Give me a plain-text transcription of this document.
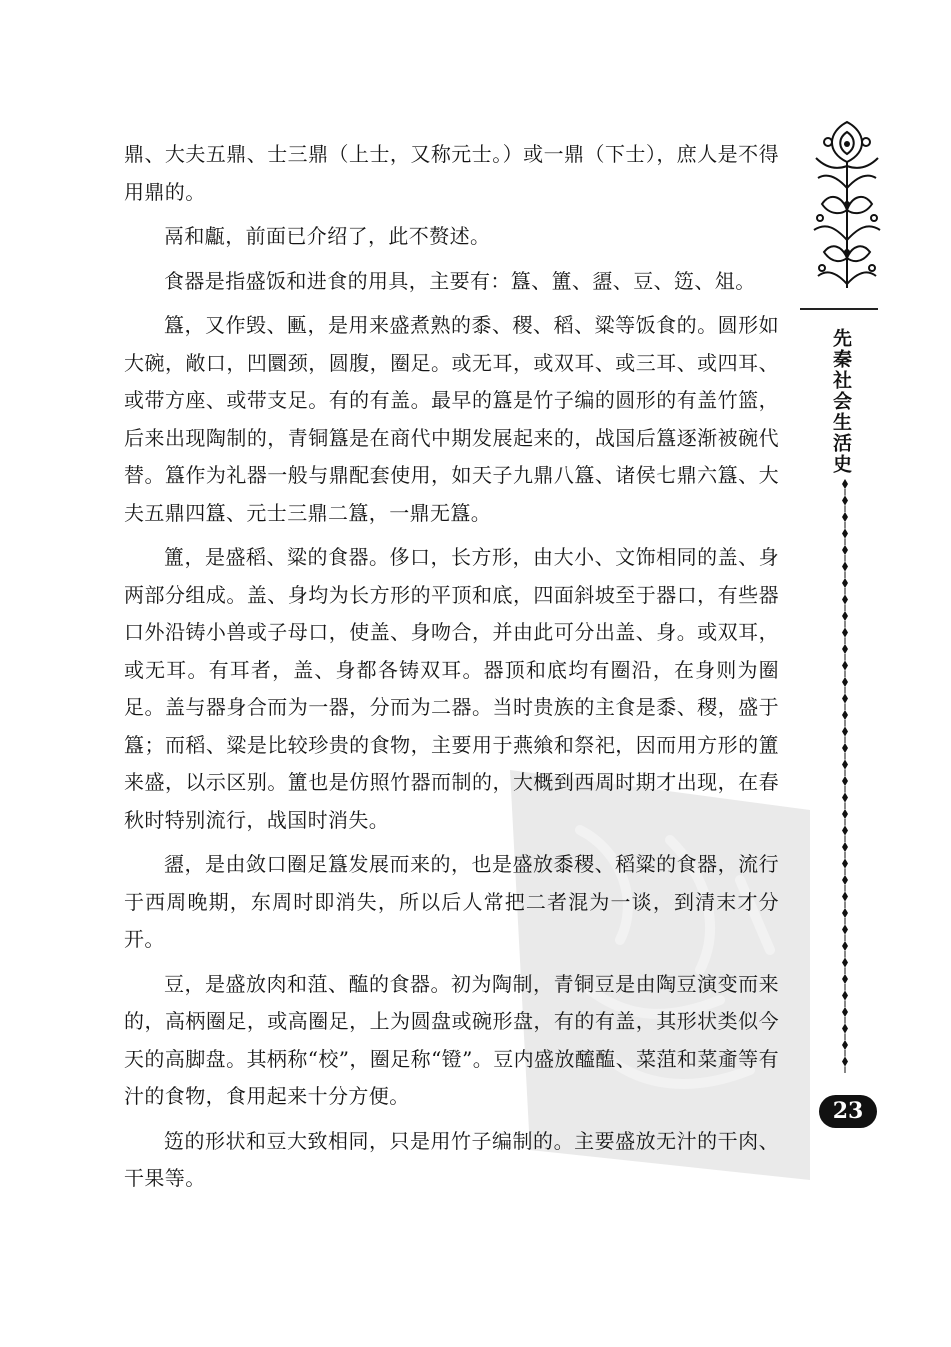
先秦社会生活史
23

鼎、大夫五鼎、士三鼎（上士，又称元士。）或一鼎（下士），庶人是不得用鼎的。

鬲和甗，前面已介绍了，此不赘述。

食器是指盛饭和进食的用具，主要有：簋、簠、盨、豆、笾、俎。

簋，又作毁、匭，是用来盛煮熟的黍、稷、稻、粱等饭食的。圆形如大碗，敞口，凹圜颈，圆腹，圈足。或无耳，或双耳、或三耳、或四耳、或带方座、或带支足。有的有盖。最早的簋是竹子编的圆形的有盖竹篮，后来出现陶制的，青铜簋是在商代中期发展起来的，战国后簋逐渐被碗代替。簋作为礼器一般与鼎配套使用，如天子九鼎八簋、诸侯七鼎六簋、大夫五鼎四簋、元士三鼎二簋，一鼎无簋。

簠，是盛稻、粱的食器。侈口，长方形，由大小、文饰相同的盖、身两部分组成。盖、身均为长方形的平顶和底，四面斜坡至于器口，有些器口外沿铸小兽或子母口，使盖、身吻合，并由此可分出盖、身。或双耳，或无耳。有耳者，盖、身都各铸双耳。器顶和底均有圈沿，在身则为圈足。盖与器身合而为一器，分而为二器。当时贵族的主食是黍、稷，盛于簋；而稻、粱是比较珍贵的食物，主要用于燕飨和祭祀，因而用方形的簠来盛，以示区别。簠也是仿照竹器而制的，大概到西周时期才出现，在春秋时特别流行，战国时消失。

盨，是由敛口圈足簋发展而来的，也是盛放黍稷、稻粱的食器，流行于西周晚期，东周时即消失，所以后人常把二者混为一谈，到清末才分开。

豆，是盛放肉和菹、醢的食器。初为陶制，青铜豆是由陶豆演变而来的，高柄圈足，或高圈足，上为圆盘或碗形盘，有的有盖，其形状类似今天的高脚盘。其柄称“校”，圈足称“镫”。豆内盛放醯醢、菜菹和菜齑等有汁的食物，食用起来十分方便。

笾的形状和豆大致相同，只是用竹子编制的。主要盛放无汁的干肉、干果等。
